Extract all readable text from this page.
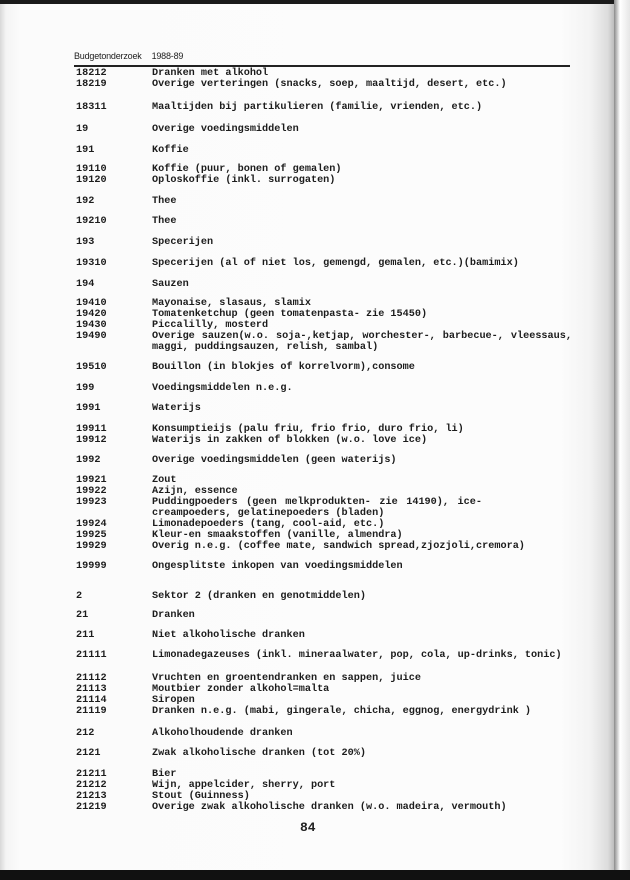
Budgetonderzoek 1988-89
18212	Dranken met alkohol
18219	Overige verteringen (snacks, soep, maaltijd, desert, etc.)
18311	Maaltijden bij partikulieren (familie, vrienden, etc.)
19	Overige voedingsmiddelen
191	Koffie
19110	Koffie (puur, bonen of gemalen)
19120	Oploskoffie (inkl. surrogaten)
192	Thee
19210	Thee
193	Specerijen
19310	Specerijen (al of niet los, gemengd, gemalen, etc.)(bamimix)
194	Sauzen
19410	Mayonaise, slasaus, slamix
19420	Tomatenketchup (geen tomatenpasta- zie 15450)
19430	Piccalilly, mosterd
19490	Overige sauzen(w.o. soja-,ketjap, worchester-, barbecue-, vleessaus, maggi, puddingsauzen, relish, sambal)
19510	Bouillon (in blokjes of korrelvorm),consome
199	Voedingsmiddelen n.e.g.
1991	Waterijs
19911	Konsumptieijs (palu friu, frio frio, duro frio, li)
19912	Waterijs in zakken of blokken (w.o. love ice)
1992	Overige voedingsmiddelen (geen waterijs)
19921	Zout
19922	Azijn, essence
19923	Puddingpoeders (geen melkprodukten- zie 14190), ice-creampoeders, gelatinepoeders (bladen)
19924	Limonadepoeders (tang, cool-aid, etc.)
19925	Kleur-en smaakstoffen (vanille, almendra)
19929	Overig n.e.g. (coffee mate, sandwich spread,zjozjoli,cremora)
19999	Ongesplitste inkopen van voedingsmiddelen
2	Sektor 2 (dranken en genotmiddelen)
21	Dranken
211	Niet alkoholische dranken
21111	Limonadegazeuses (inkl. mineraalwater, pop, cola, up-drinks, tonic)
21112	Vruchten en groentendranken en sappen, juice
21113	Moutbier zonder alkohol=malta
21114	Siropen
21119	Dranken n.e.g. (mabi, gingerale, chicha, eggnog, energydrink )
212	Alkoholhoudende dranken
2121	Zwak alkoholische dranken (tot 20%)
21211	Bier
21212	Wijn, appelcider, sherry, port
21213	Stout (Guinness)
21219	Overige zwak alkoholische dranken (w.o. madeira, vermouth)
84
